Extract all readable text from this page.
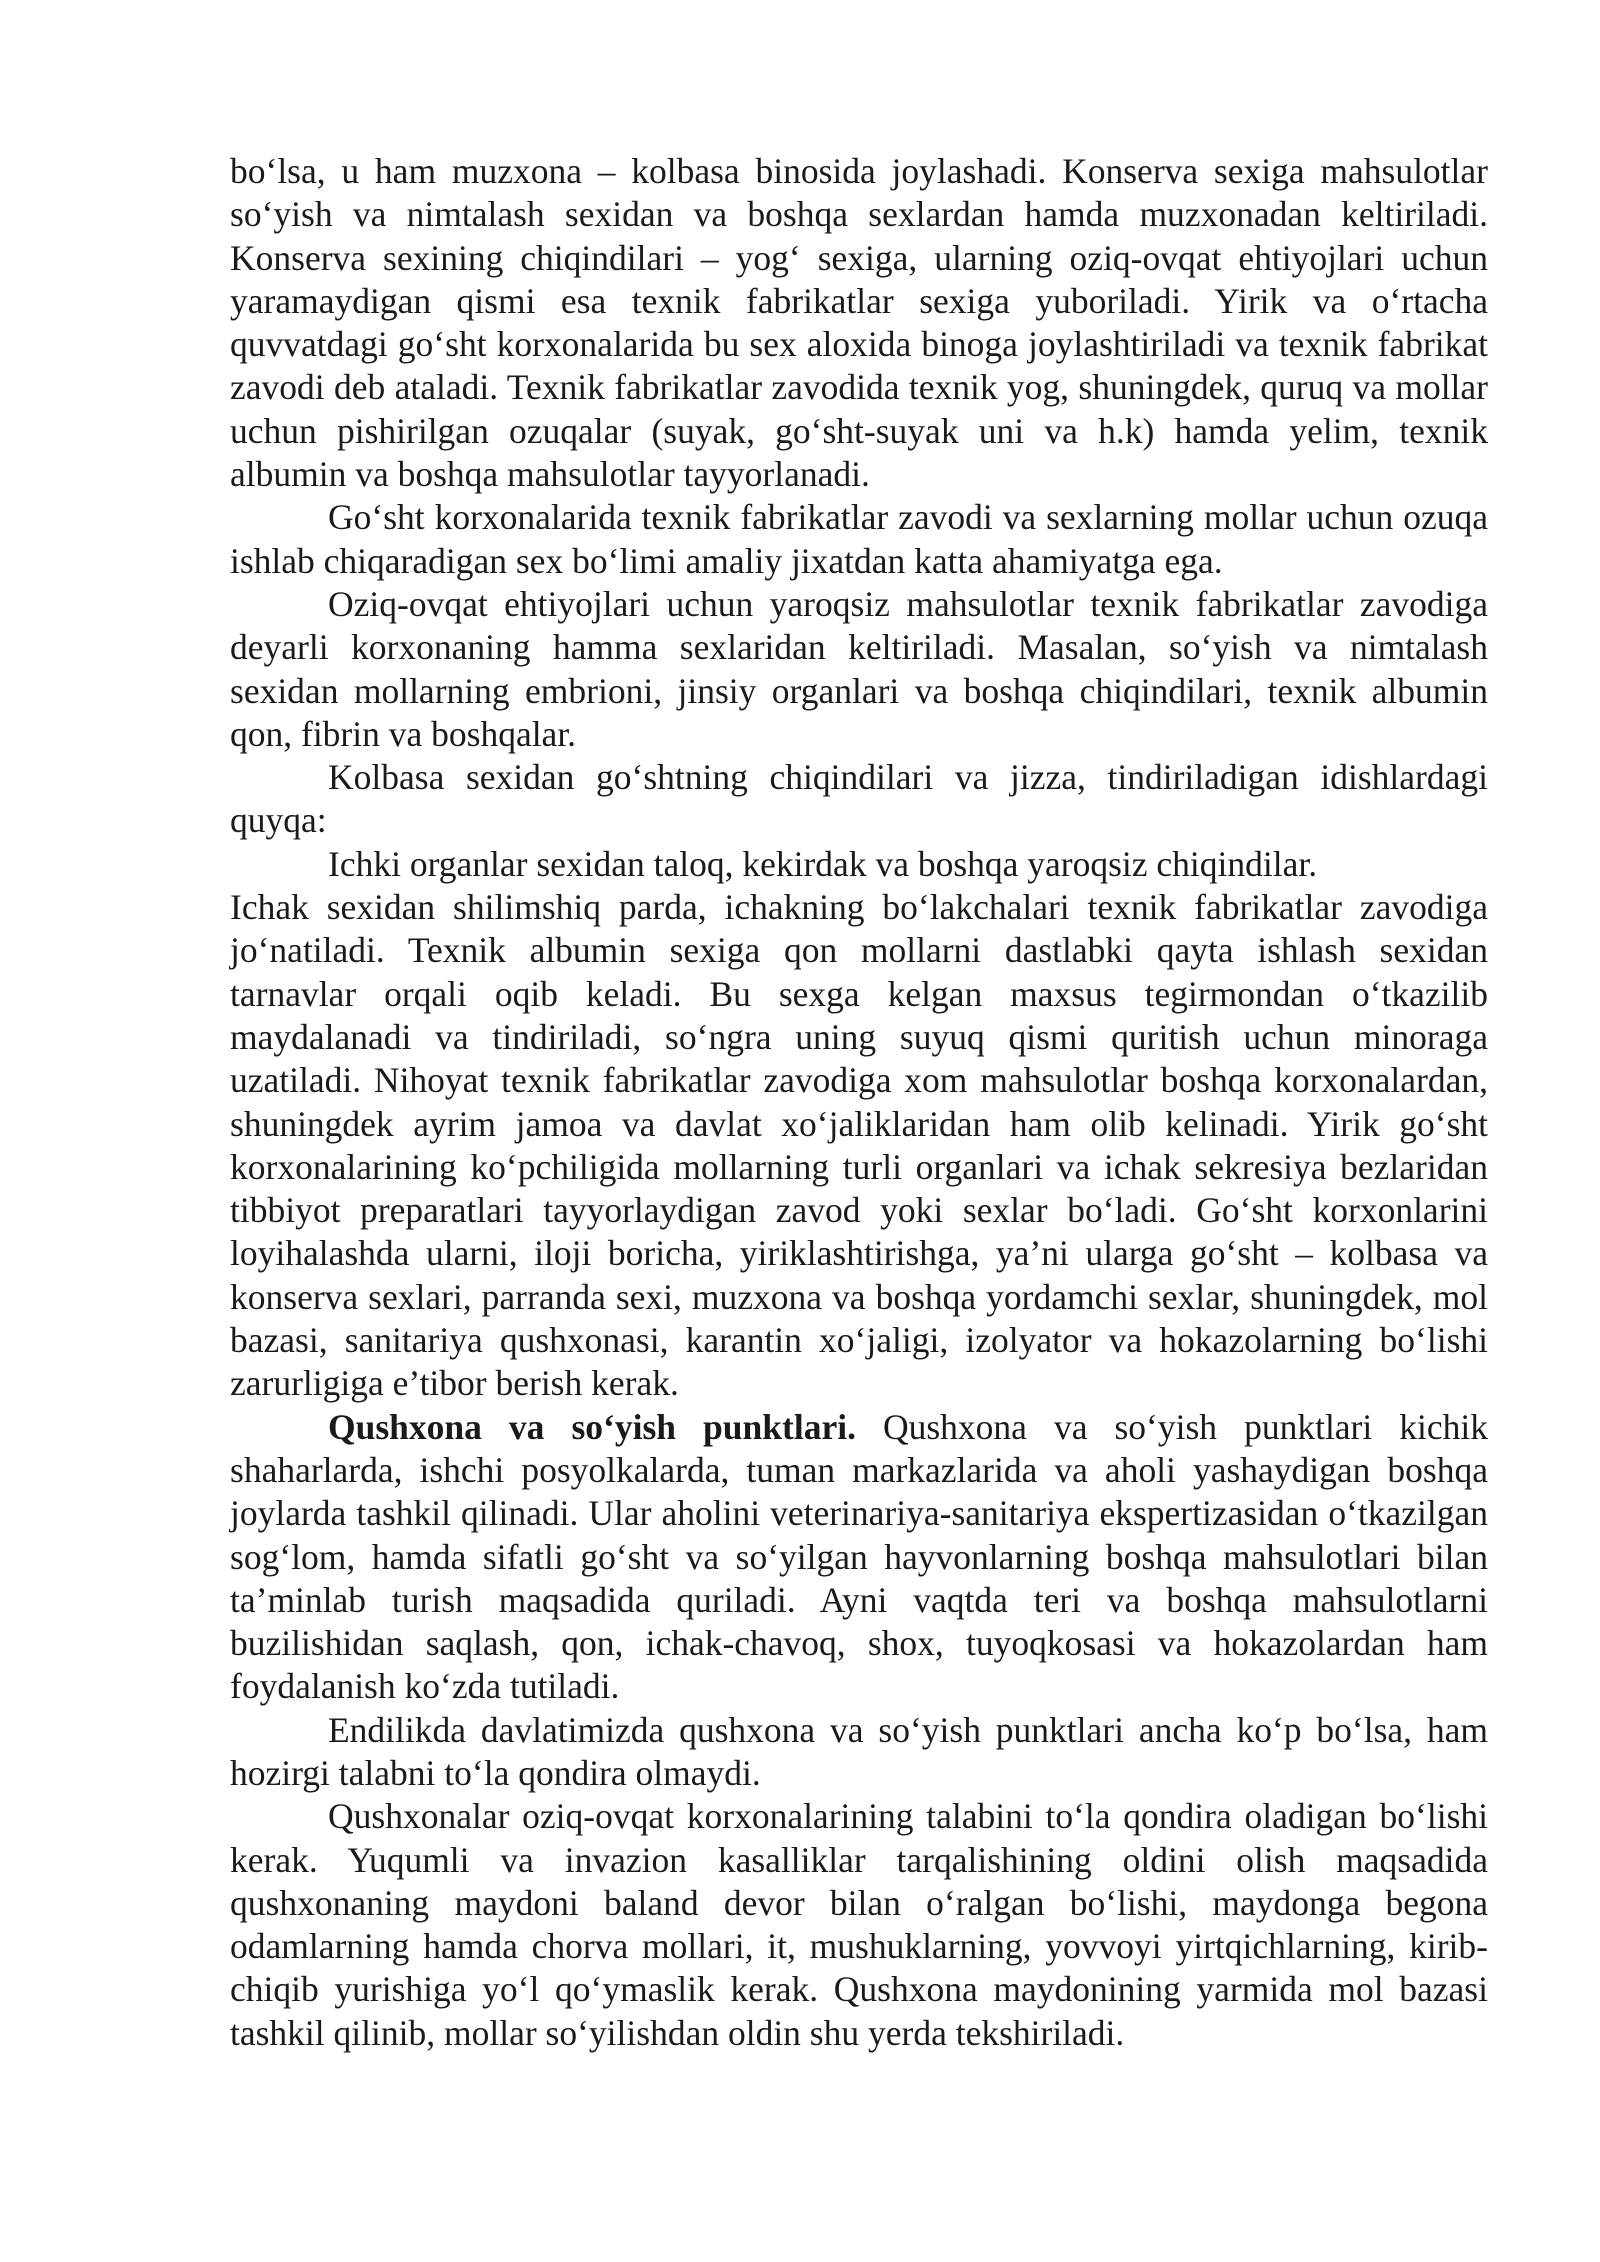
bo‘lsa, u ham muzxona – kolbasa binosida joylashadi. Konserva sexiga mahsulotlar so‘yish va nimtalash sexidan va boshqa sexlardan hamda muzxonadan keltiriladi. Konserva sexining chiqindilari – yog‘ sexiga, ularning oziq-ovqat ehtiyojlari uchun yaramaydigan qismi esa texnik fabrikatlar sexiga yuboriladi. Yirik va o‘rtacha quvvatdagi go‘sht korxonalarida bu sex aloxida binoga joylashtiriladi va texnik fabrikat zavodi deb ataladi. Texnik fabrikatlar zavodida texnik yog, shuningdek, quruq va mollar uchun pishirilgan ozuqalar (suyak, go‘sht-suyak uni va h.k) hamda yelim, texnik albumin va boshqa mahsulotlar tayyorlanadi.

Go‘sht korxonalarida texnik fabrikatlar zavodi va sexlarning mollar uchun ozuqa ishlab chiqaradigan sex bo‘limi amaliy jixatdan katta ahamiyatga ega.

Oziq-ovqat ehtiyojlari uchun yaroqsiz mahsulotlar texnik fabrikatlar zavodiga deyarli korxonaning hamma sexlaridan keltiriladi. Masalan, so‘yish va nimtalash sexidan mollarning embrioni, jinsiy organlari va boshqa chiqindilari, texnik albumin qon, fibrin va boshqalar.

Kolbasa sexidan go‘shtning chiqindilari va jizza, tindiriladigan idishlardagi quyqa:

Ichki organlar sexidan taloq, kekirdak va boshqa yaroqsiz chiqindilar.

Ichak sexidan shilimshiq parda, ichakning bo‘lakchalari texnik fabrikatlar zavodiga jo‘natiladi. Texnik albumin sexiga qon mollarni dastlabki qayta ishlash sexidan tarnavlar orqali oqib keladi. Bu sexga kelgan maxsus tegirmondan o‘tkazilib maydalanadi va tindiriladi, so‘ngra uning suyuq qismi quritish uchun minoraga uzatiladi. Nihoyat texnik fabrikatlar zavodiga xom mahsulotlar boshqa korxonalardan, shuningdek ayrim jamoa va davlat xo‘jaliklaridan ham olib kelinadi. Yirik go‘sht korxonalarining ko‘pchiligida mollarning turli organlari va ichak sekresiya bezlaridan tibbiyot preparatlari tayyorlaydigan zavod yoki sexlar bo‘ladi. Go‘sht korxonlarini loyihalashda ularni, iloji boricha, yiriklashtirishga, ya’ni ularga go‘sht – kolbasa va konserva sexlari, parranda sexi, muzxona va boshqa yordamchi sexlar, shuningdek, mol bazasi, sanitariya qushxonasi, karantin xo‘jaligi, izolyator va hokazolarning bo‘lishi zarurligiga e’tibor berish kerak.

Qushxona va so‘yish punktlari. Qushxona va so‘yish punktlari kichik shaharlarda, ishchi posyolkalarda, tuman markazlarida va aholi yashaydigan boshqa joylarda tashkil qilinadi. Ular aholini veterinariya-sanitariya ekspertizasidan o‘tkazilgan sog‘lom, hamda sifatli go‘sht va so‘yilgan hayvonlarning boshqa mahsulotlari bilan ta’minlab turish maqsadida quriladi. Ayni vaqtda teri va boshqa mahsulotlarni buzilishidan saqlash, qon, ichak-chavoq, shox, tuyoqkosasi va hokazolardan ham foydalanish ko‘zda tutiladi.

Endilikda davlatimizda qushxona va so‘yish punktlari ancha ko‘p bo‘lsa, ham hozirgi talabni to‘la qondira olmaydi.

Qushxonalar oziq-ovqat korxonalarining talabini to‘la qondira oladigan bo‘lishi kerak. Yuqumli va invazion kasalliklar tarqalishining oldini olish maqsadida qushxonaning maydoni baland devor bilan o‘ralgan bo‘lishi, maydonga begona odamlarning hamda chorva mollari, it, mushuklarning, yovvoyi yirtqichlarning, kirib-chiqib yurishiga yo‘l qo‘ymaslik kerak. Qushxona maydonining yarmida mol bazasi tashkil qilinib, mollar so‘yilishdan oldin shu yerda tekshiriladi.
